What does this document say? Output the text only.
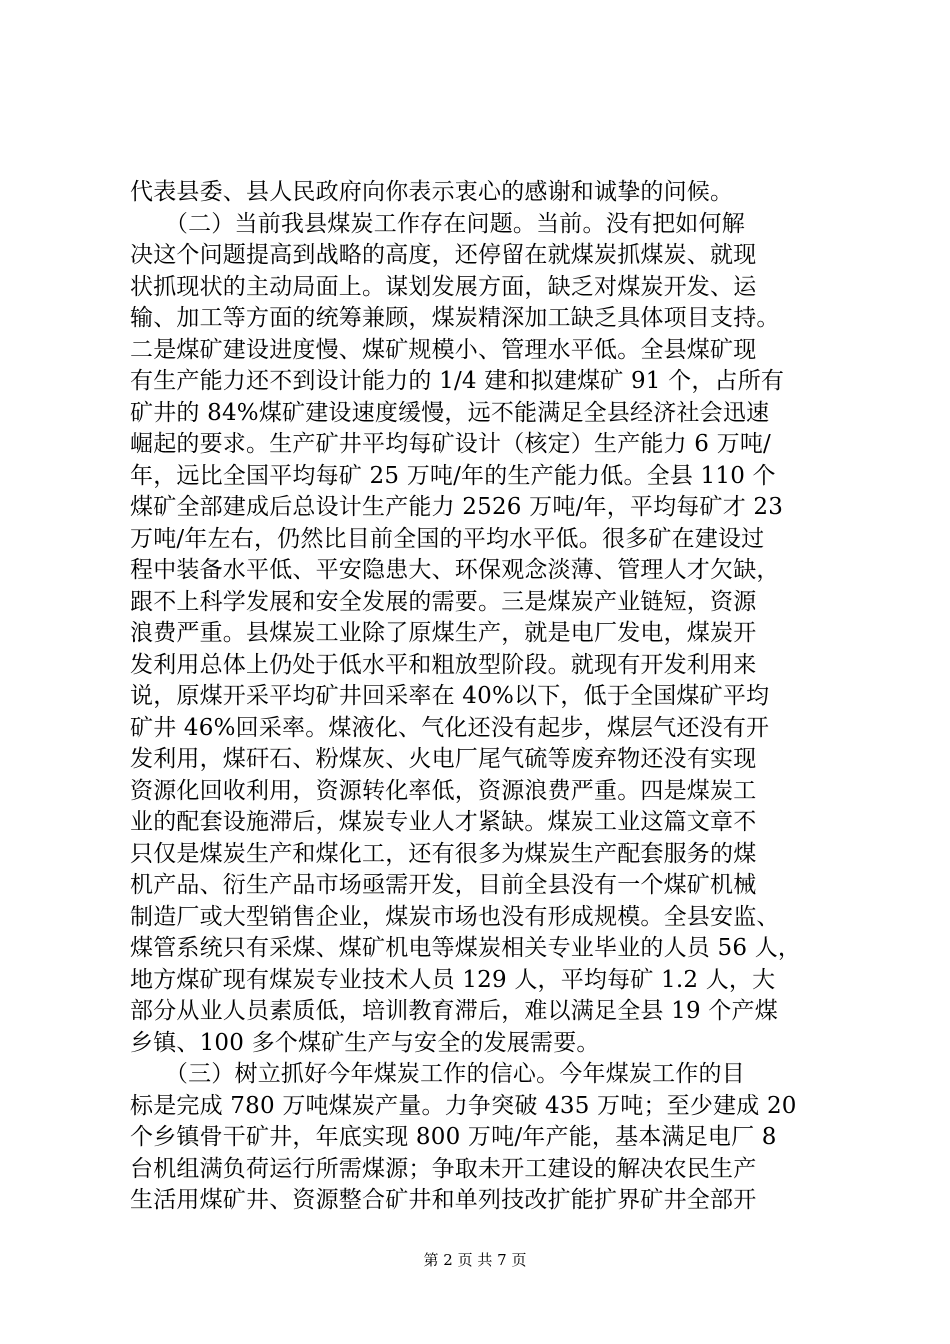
代表县委、县人民政府向你表示衷心的感谢和诚挚的问候。
　　（二）当前我县煤炭工作存在问题。当前。没有把如何解
决这个问题提高到战略的高度，还停留在就煤炭抓煤炭、就现
状抓现状的主动局面上。谋划发展方面，缺乏对煤炭开发、运
输、加工等方面的统筹兼顾，煤炭精深加工缺乏具体项目支持。
二是煤矿建设进度慢、煤矿规模小、管理水平低。全县煤矿现
有生产能力还不到设计能力的 1/4 建和拟建煤矿 91 个，占所有
矿井的 84%煤矿建设速度缓慢，远不能满足全县经济社会迅速
崛起的要求。生产矿井平均每矿设计（核定）生产能力 6 万吨/
年，远比全国平均每矿 25 万吨/年的生产能力低。全县 110 个
煤矿全部建成后总设计生产能力 2526 万吨/年，平均每矿才 23
万吨/年左右，仍然比目前全国的平均水平低。很多矿在建设过
程中装备水平低、平安隐患大、环保观念淡薄、管理人才欠缺，
跟不上科学发展和安全发展的需要。三是煤炭产业链短，资源
浪费严重。县煤炭工业除了原煤生产，就是电厂发电，煤炭开
发利用总体上仍处于低水平和粗放型阶段。就现有开发利用来
说，原煤开采平均矿井回采率在 40%以下，低于全国煤矿平均
矿井 46%回采率。煤液化、气化还没有起步，煤层气还没有开
发利用，煤矸石、粉煤灰、火电厂尾气硫等废弃物还没有实现
资源化回收利用，资源转化率低，资源浪费严重。四是煤炭工
业的配套设施滞后，煤炭专业人才紧缺。煤炭工业这篇文章不
只仅是煤炭生产和煤化工，还有很多为煤炭生产配套服务的煤
机产品、衍生产品市场亟需开发，目前全县没有一个煤矿机械
制造厂或大型销售企业，煤炭市场也没有形成规模。全县安监、
煤管系统只有采煤、煤矿机电等煤炭相关专业毕业的人员 56 人，
地方煤矿现有煤炭专业技术人员 129 人，平均每矿 1.2 人，大
部分从业人员素质低，培训教育滞后，难以满足全县 19 个产煤
乡镇、100 多个煤矿生产与安全的发展需要。
　　（三）树立抓好今年煤炭工作的信心。今年煤炭工作的目
标是完成 780 万吨煤炭产量。力争突破 435 万吨；至少建成 20
个乡镇骨干矿井，年底实现 800 万吨/年产能，基本满足电厂 8
台机组满负荷运行所需煤源；争取未开工建设的解决农民生产
生活用煤矿井、资源整合矿井和单列技改扩能扩界矿井全部开
第 2 页 共 7 页
